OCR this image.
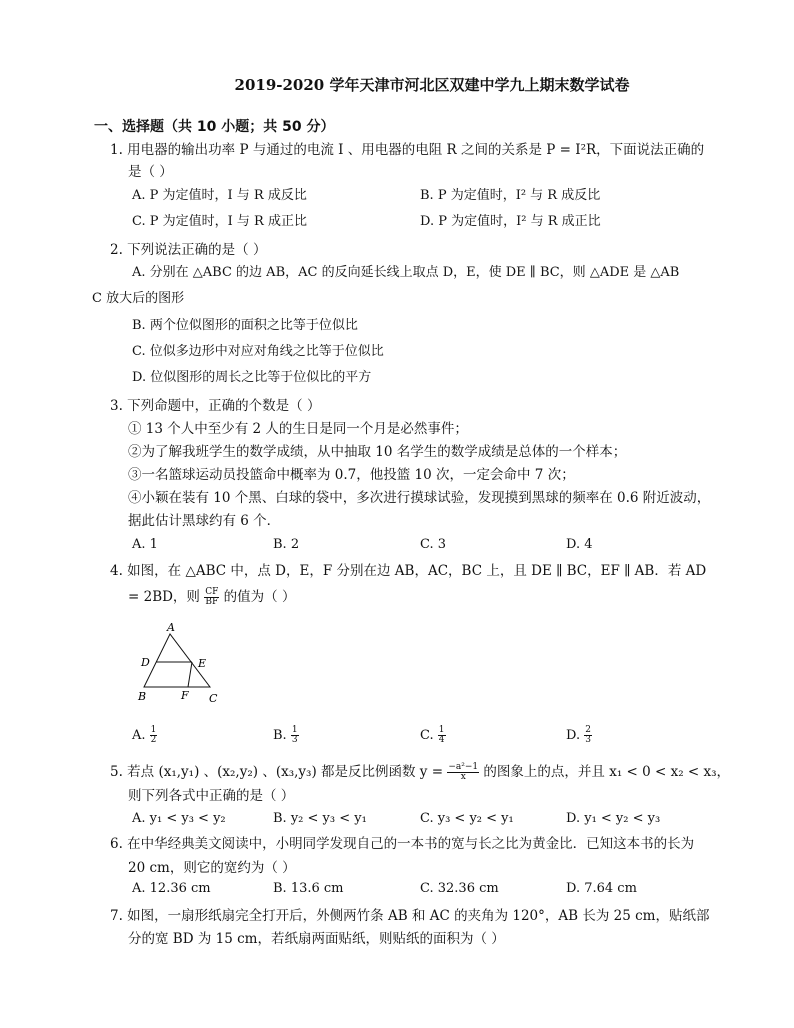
2019-2020 学年天津市河北区双建中学九上期末数学试卷
一、选择题（共 10 小题；共 50 分）
1. 用电器的输出功率 P 与通过的电流 I 、用电器的电阻 R 之间的关系是 P = I²R，下面说法正确的
是（ ）
A. P 为定值时，I 与 R 成反比	B. P 为定值时，I² 与 R 成反比
C. P 为定值时，I 与 R 成正比	D. P 为定值时，I² 与 R 成正比
2. 下列说法正确的是（ ）
A. 分别在 △ABC 的边 AB，AC 的反向延长线上取点 D，E，使 DE ∥ BC，则 △ADE 是 △AB
C 放大后的图形
B. 两个位似图形的面积之比等于位似比
C. 位似多边形中对应对角线之比等于位似比
D. 位似图形的周长之比等于位似比的平方
3. 下列命题中，正确的个数是（ ）
① 13 个人中至少有 2 人的生日是同一个月是必然事件；
②为了解我班学生的数学成绩，从中抽取 10 名学生的数学成绩是总体的一个样本；
③一名篮球运动员投篮命中概率为 0.7，他投篮 10 次，一定会命中 7 次；
④小颖在装有 10 个黑、白球的袋中，多次进行摸球试验，发现摸到黑球的频率在 0.6 附近波动，
据此估计黑球约有 6 个．
A. 1	B. 2	C. 3	D. 4
4. 如图，在 △ABC 中，点 D，E，F 分别在边 AB，AC，BC 上，且 DE ∥ BC，EF ∥ AB．若 AD
= 2BD，则 $\frac{CF}{BF}$ 的值为（ ）
A
D	E
B	F C
A. $\frac{1}{2}$	B. $\frac{1}{3}$	C. $\frac{1}{4}$	D. $\frac{2}{3}$
5. 若点 (x₁,y₁) 、(x₂,y₂) 、(x₃,y₃) 都是反比例函数 $y = \frac{\text{−a²−1}}{x}$ 的图象上的点，并且 x₁ < 0 < x₂ < x₃，
则下列各式中正确的是（ ）
A. y₁ < y₃ < y₂	B. y₂ < y₃ < y₁	C. y₃ < y₂ < y₁	D. y₁ < y₂ < y₃
6. 在中华经典美文阅读中，小明同学发现自己的一本书的宽与长之比为黄金比．已知这本书的长为
20 cm，则它的宽约为（ ）
A. 12.36 cm	B. 13.6 cm	C. 32.36 cm	D. 7.64 cm
7. 如图，一扇形纸扇完全打开后，外侧两竹条 AB 和 AC 的夹角为 120°，AB 长为 25 cm，贴纸部
分的宽 BD 为 15 cm，若纸扇两面贴纸，则贴纸的面积为（ ）
